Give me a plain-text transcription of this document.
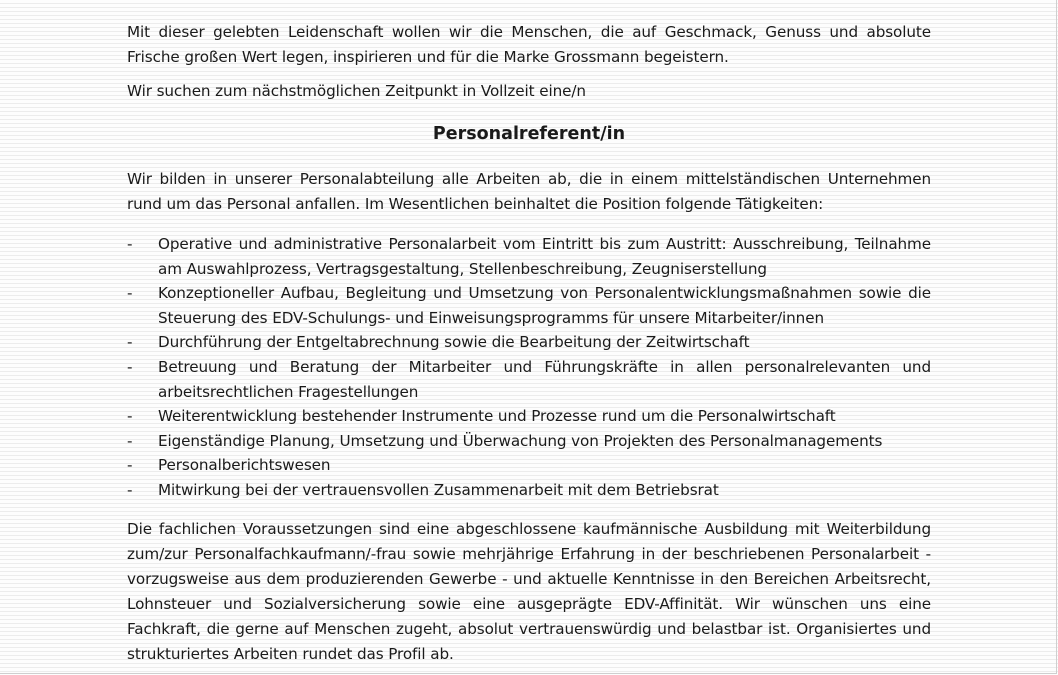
Mit dieser gelebten Leidenschaft wollen wir die Menschen, die auf Geschmack, Genuss und absolute Frische großen Wert legen, inspirieren und für die Marke Grossmann begeistern.

Wir suchen zum nächstmöglichen Zeitpunkt in Vollzeit eine/n

Personalreferent/in

Wir bilden in unserer Personalabteilung alle Arbeiten ab, die in einem mittelständischen Unternehmen rund um das Personal anfallen. Im Wesentlichen beinhaltet die Position folgende Tätigkeiten:

- Operative und administrative Personalarbeit vom Eintritt bis zum Austritt: Ausschreibung, Teilnahme am Auswahlprozess, Vertragsgestaltung, Stellenbeschreibung, Zeugniserstellung
- Konzeptioneller Aufbau, Begleitung und Umsetzung von Personalentwicklungsmaßnahmen sowie die Steuerung des EDV-Schulungs- und Einweisungsprogramms für unsere Mitarbeiter/innen
- Durchführung der Entgeltabrechnung sowie die Bearbeitung der Zeitwirtschaft
- Betreuung und Beratung der Mitarbeiter und Führungskräfte in allen personalrelevanten und arbeitsrechtlichen Fragestellungen
- Weiterentwicklung bestehender Instrumente und Prozesse rund um die Personalwirtschaft
- Eigenständige Planung, Umsetzung und Überwachung von Projekten des Personalmanagements
- Personalberichtswesen
- Mitwirkung bei der vertrauensvollen Zusammenarbeit mit dem Betriebsrat

Die fachlichen Voraussetzungen sind eine abgeschlossene kaufmännische Ausbildung mit Weiterbildung zum/zur Personalfachkaufmann/-frau sowie mehrjährige Erfahrung in der beschriebenen Personalarbeit - vorzugsweise aus dem produzierenden Gewerbe - und aktuelle Kenntnisse in den Bereichen Arbeitsrecht, Lohnsteuer und Sozialversicherung sowie eine ausgeprägte EDV-Affinität. Wir wünschen uns eine Fachkraft, die gerne auf Menschen zugeht, absolut vertrauenswürdig und belastbar ist. Organisiertes und strukturiertes Arbeiten rundet das Profil ab.
